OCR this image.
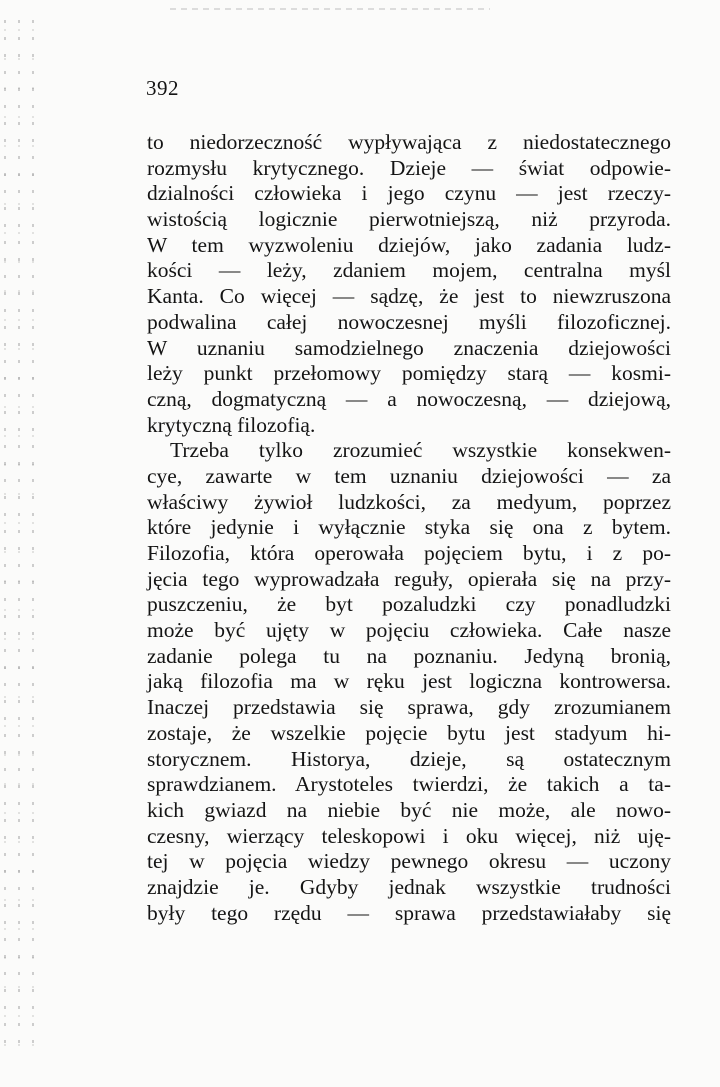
392
to niedorzeczność wypływająca z niedostatecznego
rozmysłu krytycznego. Dzieje — świat odpowie-
dzialności człowieka i jego czynu — jest rzeczy-
wistością logicznie pierwotniejszą, niż przyroda.
W tem wyzwoleniu dziejów, jako zadania ludz-
kości — leży, zdaniem mojem, centralna myśl
Kanta. Co więcej — sądzę, że jest to niewzruszona
podwalina całej nowoczesnej myśli filozoficznej.
W uznaniu samodzielnego znaczenia dziejowości
leży punkt przełomowy pomiędzy starą — kosmi-
czną, dogmatyczną — a nowoczesną, — dziejową,
krytyczną filozofią.
Trzeba tylko zrozumieć wszystkie konsekwen-
cye, zawarte w tem uznaniu dziejowości — za
właściwy żywioł ludzkości, za medyum, poprzez
które jedynie i wyłącznie styka się ona z bytem.
Filozofia, która operowała pojęciem bytu, i z po-
jęcia tego wyprowadzała reguły, opierała się na przy-
puszczeniu, że byt pozaludzki czy ponadludzki
może być ujęty w pojęciu człowieka. Całe nasze
zadanie polega tu na poznaniu. Jedyną bronią,
jaką filozofia ma w ręku jest logiczna kontrowersa.
Inaczej przedstawia się sprawa, gdy zrozumianem
zostaje, że wszelkie pojęcie bytu jest stadyum hi-
storycznem. Historya, dzieje, są ostatecznym
sprawdzianem. Arystoteles twierdzi, że takich a ta-
kich gwiazd na niebie być nie może, ale nowo-
czesny, wierzący teleskopowi i oku więcej, niż uję-
tej w pojęcia wiedzy pewnego okresu — uczony
znajdzie je. Gdyby jednak wszystkie trudności
były tego rzędu — sprawa przedstawiałaby się
